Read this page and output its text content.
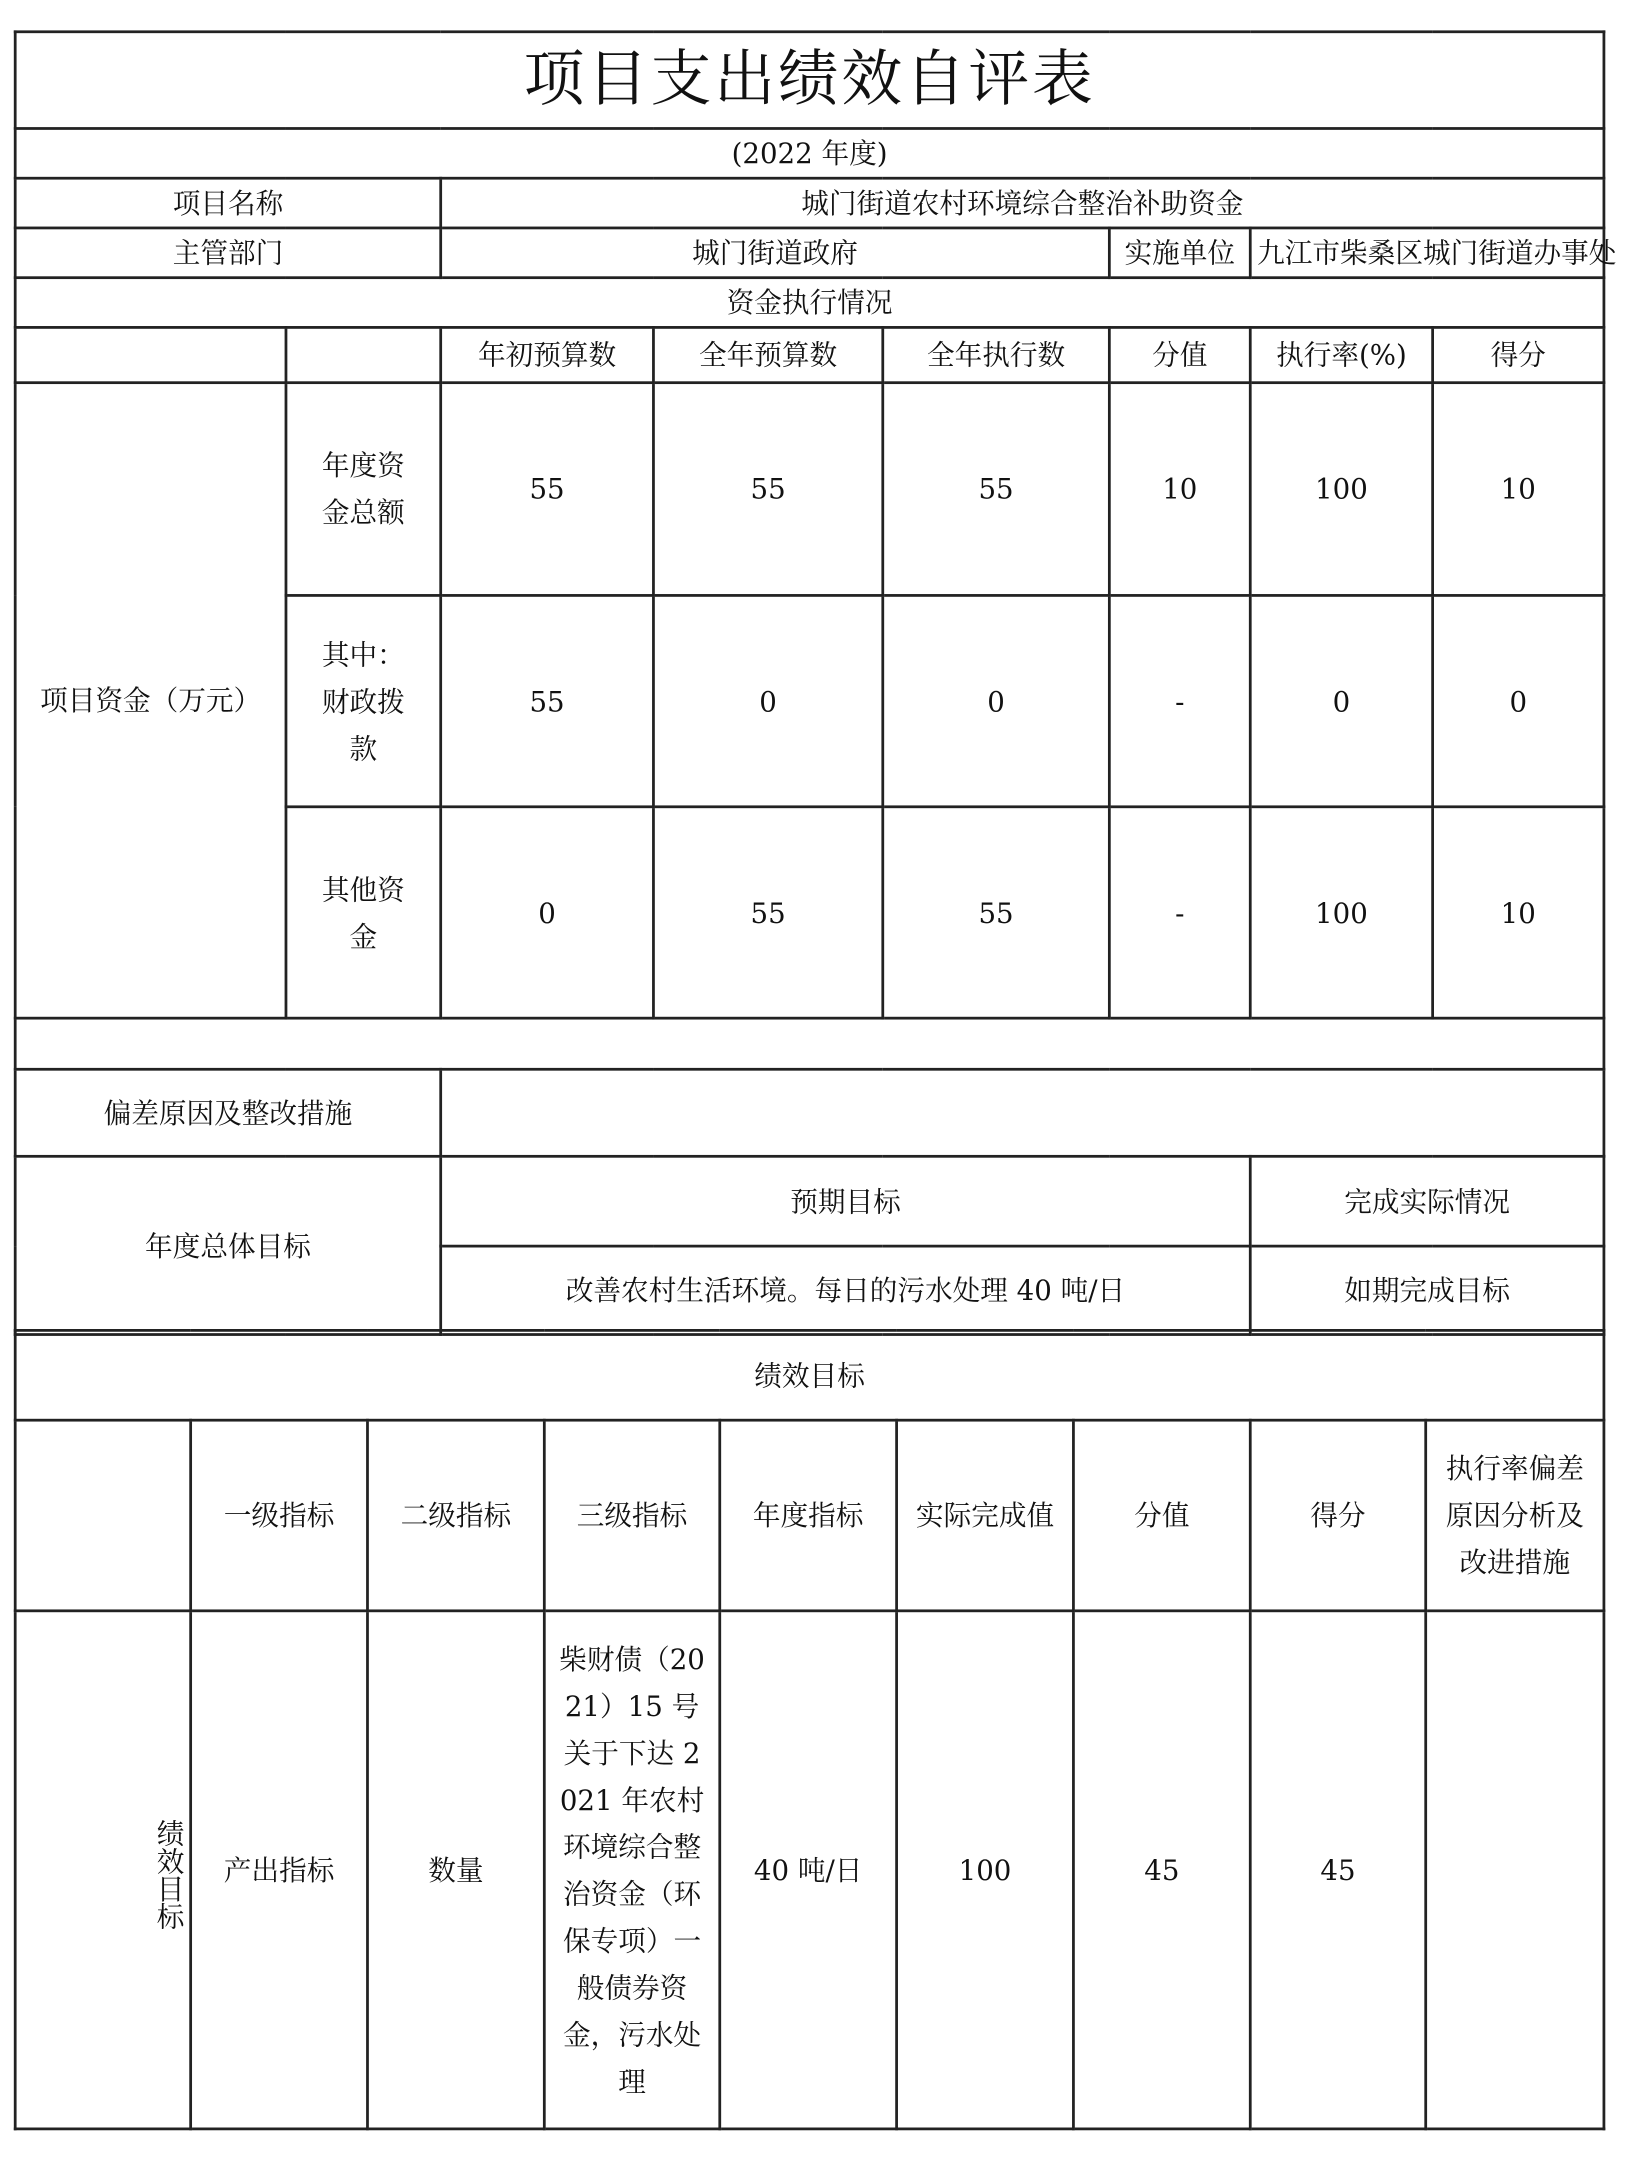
项目支出绩效自评表							
(2022 年度)							
项目名称		城门街道农村环境综合整治补助资金					
主管部门		城门街道政府			实施单位	九江市柴桑区城门街道办事处	
资金执行情况							
		年初预算数	全年预算数	全年执行数	分值	执行率(%)	得分
项目资金（万元）	年度资金总额	55	55	55	10	100	10
	其中：财政拨款	55	0	0	-	0	0
	其他资金	0	55	55	-	100	10

偏差原因及整改措施							
年度总体目标		预期目标				完成实际情况	
		改善农村生活环境。每日的污水处理 40 吨/日				如期完成目标	
绩效目标								
	一级指标	二级指标	三级指标	年度指标	实际完成值	分值	得分	执行率偏差原因分析及改进措施
绩效目标	产出指标	数量	柴财债（2021）15 号关于下达 2021 年农村环境综合整治资金（环保专项）一般债券资金，污水处理	40 吨/日	100	45	45	
